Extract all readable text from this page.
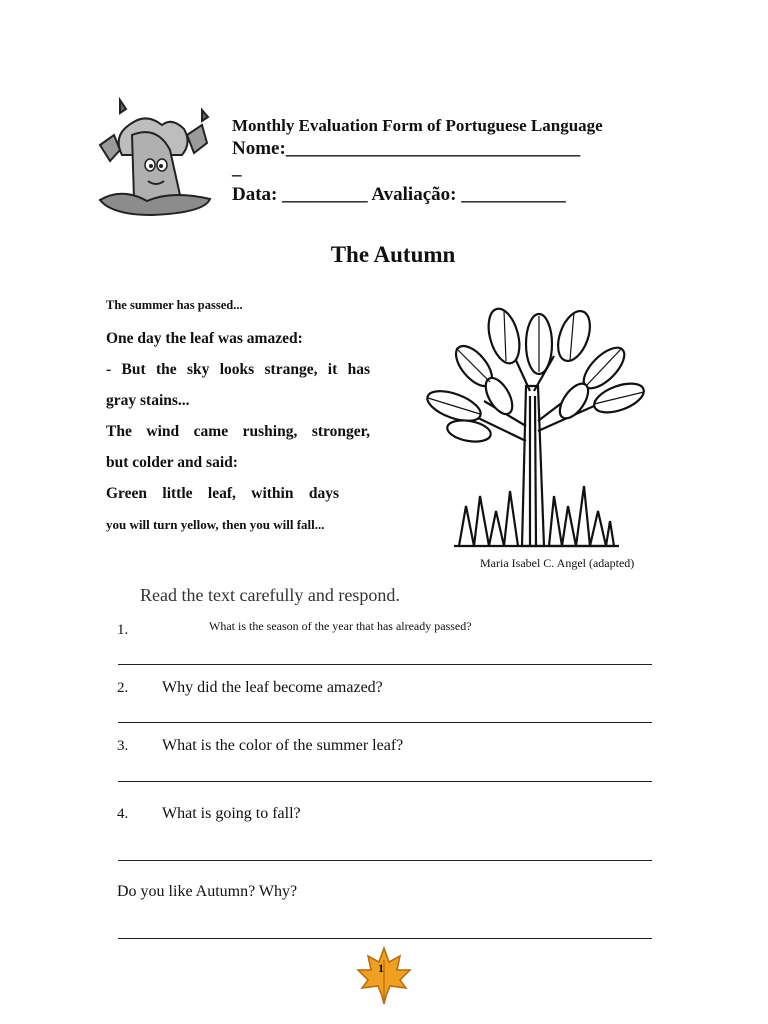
Monthly Evaluation Form of Portuguese Language
Nome:_______________________________
_
Data: _________ Avaliação: ___________
The Autumn
The summer has passed...
One day the leaf was amazed:
- But the sky looks strange, it has
gray stains...
The wind came rushing, stronger,
but colder and said:
Green little leaf, within days
you will turn yellow, then you will fall...
Maria Isabel C. Angel (adapted)
Read the text carefully and respond.
1.	What is the season of the year that has already passed?
2. Why did the leaf become amazed?
3. What is the color of the summer leaf?
4. What is going to fall?
Do you like Autumn? Why?
1
